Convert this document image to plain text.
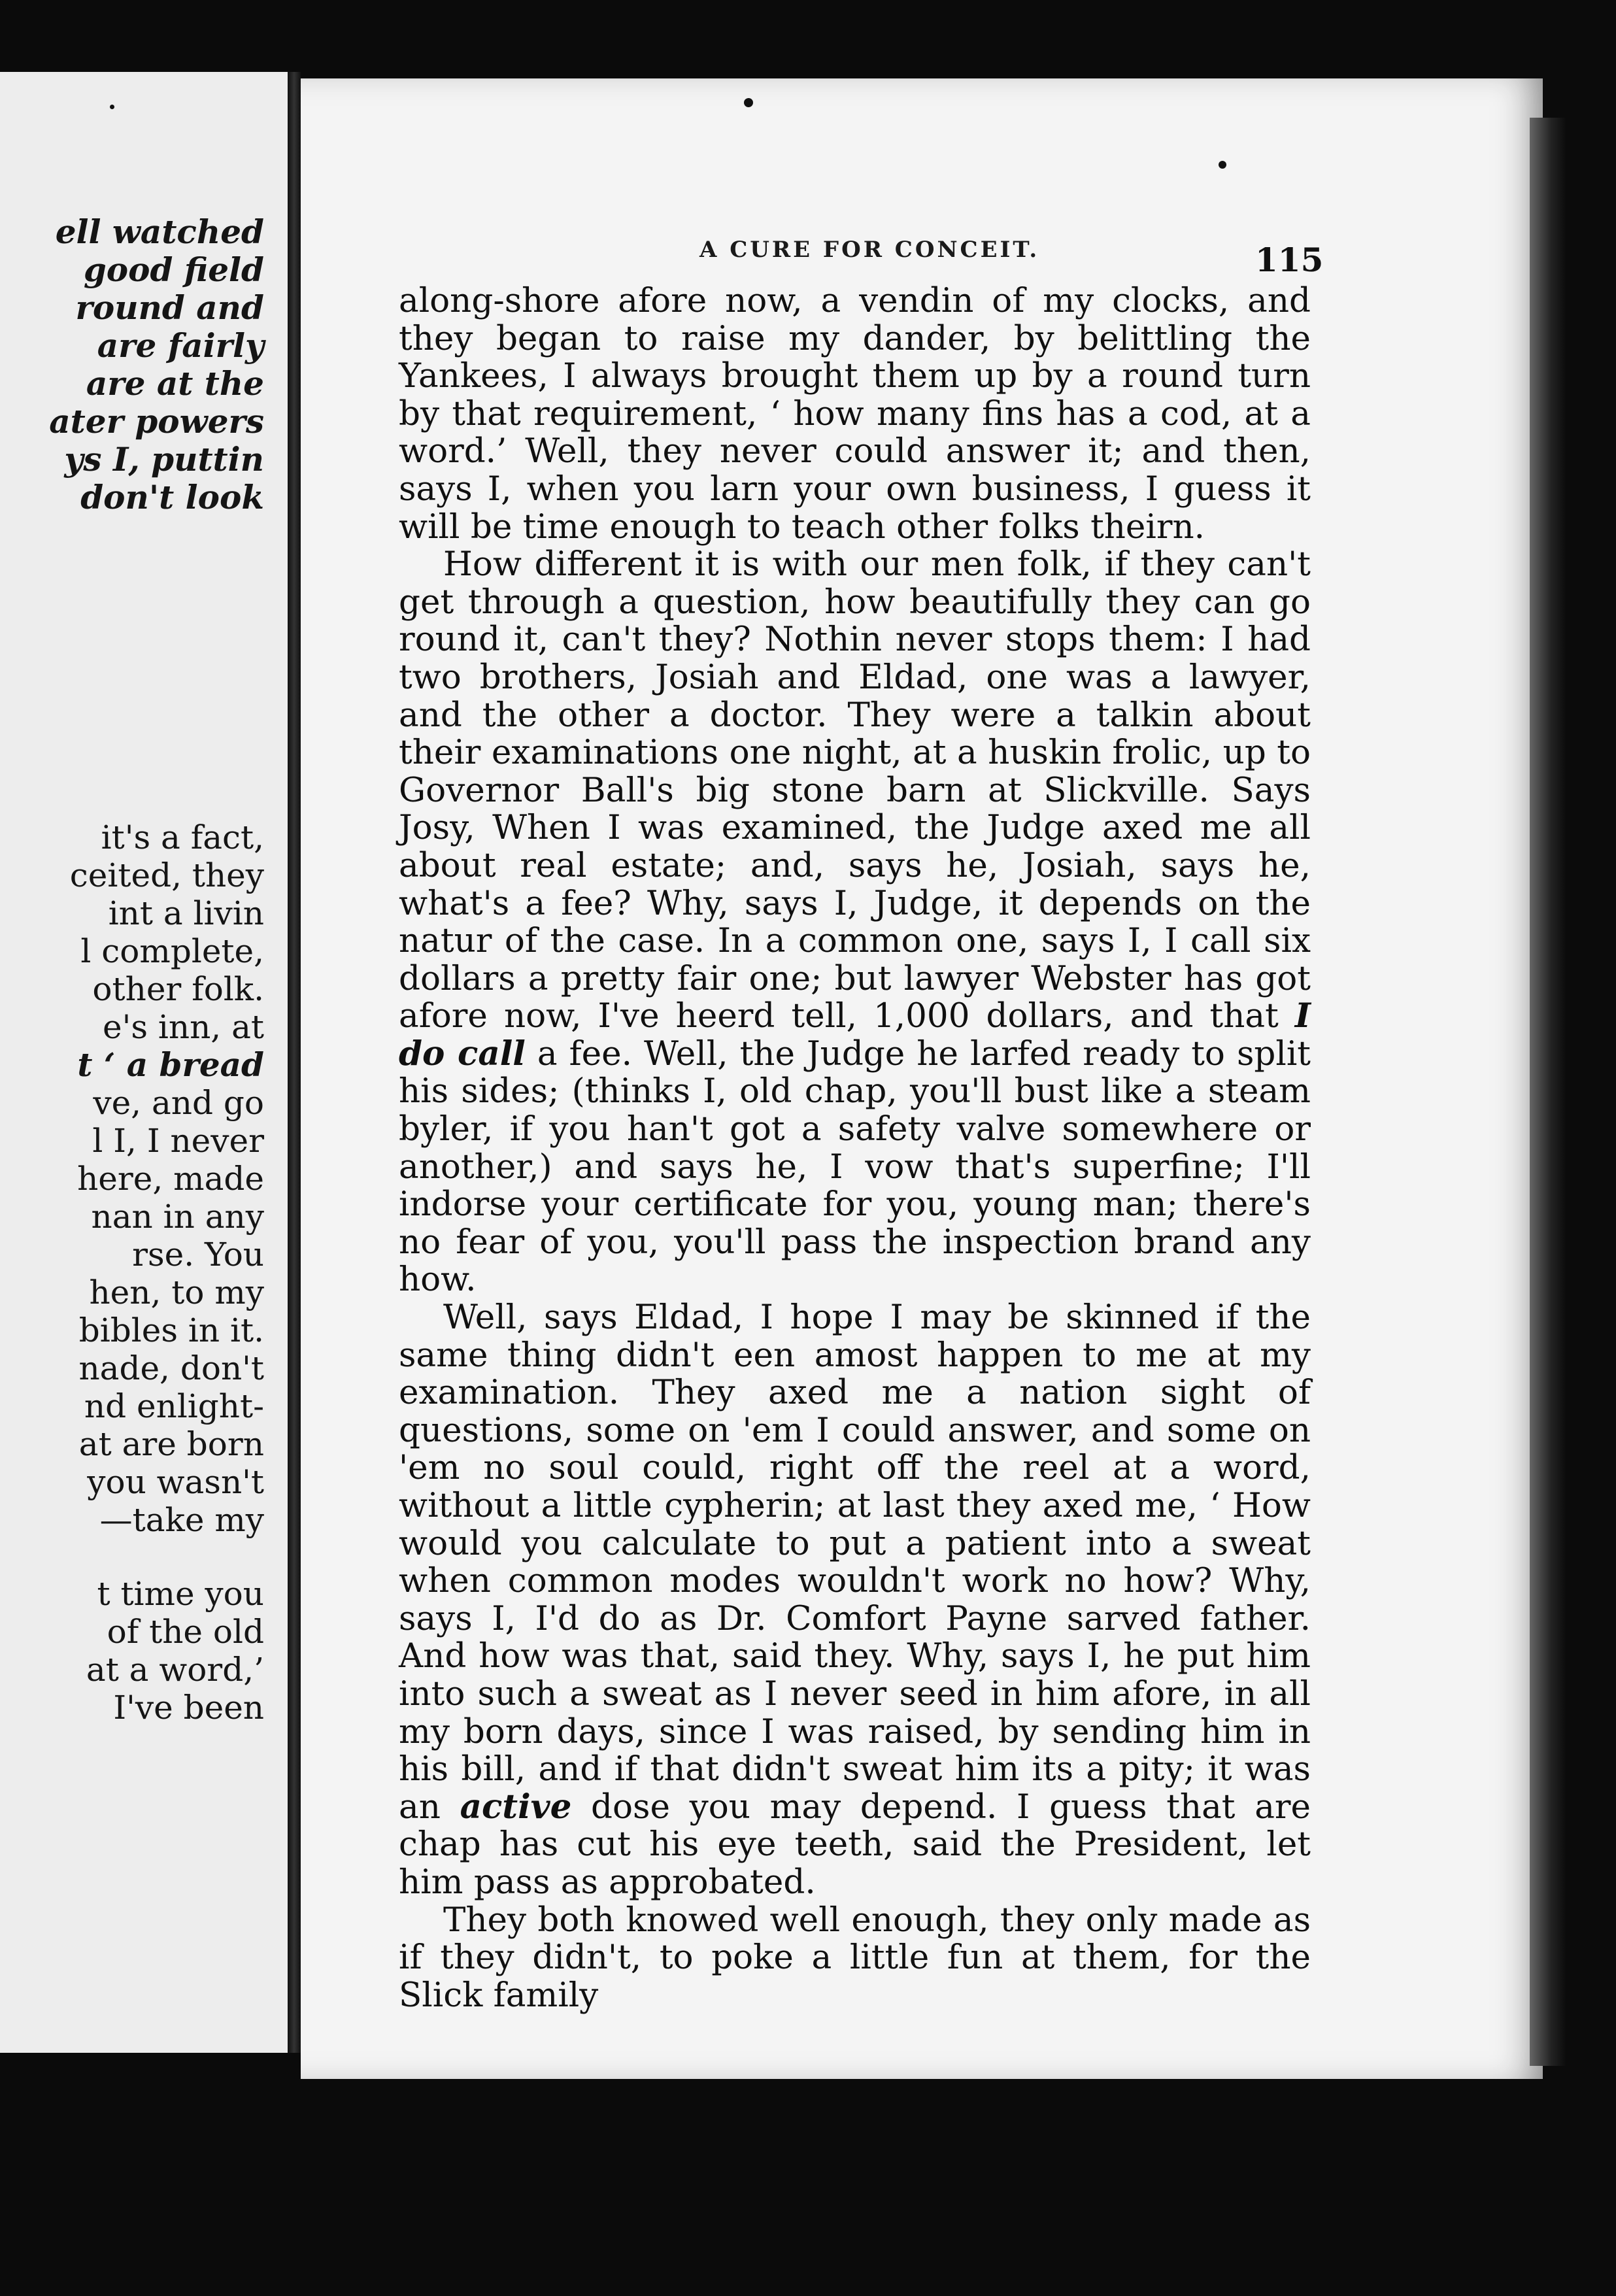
ell watched
good field
round and
are fairly
are at the
ater powers
ys I, puttin
don't look
it's a fact,
ceited, they
int a livin
l complete,
other folk.
e's inn, at
t ‘ a bread
ve, and go
l I, I never
here, made
nan in any
rse. You
hen, to my
bibles in it.
nade, don't
nd enlight-
at are born
you wasn't
—take my
t time you
of the old
at a word,’
I've been
A CURE FOR CONCEIT.	115

along-shore afore now, a vendin of my clocks, and they began to raise my dander, by belittling the Yankees, I always brought them up by a round turn by that requirement, ‘ how many fins has a cod, at a word.’ Well, they never could answer it; and then, says I, when you larn your own business, I guess it will be time enough to teach other folks theirn.

How different it is with our men folk, if they can't get through a question, how beautifully they can go round it, can't they? Nothin never stops them: I had two brothers, Josiah and Eldad, one was a lawyer, and the other a doctor. They were a talkin about their examinations one night, at a huskin frolic, up to Governor Ball's big stone barn at Slickville. Says Josy, When I was examined, the Judge axed me all about real estate; and, says he, Josiah, says he, what's a fee? Why, says I, Judge, it depends on the natur of the case. In a common one, says I, I call six dollars a pretty fair one; but lawyer Webster has got afore now, I've heerd tell, 1,000 dollars, and that I do call a fee. Well, the Judge he larfed ready to split his sides; (thinks I, old chap, you'll bust like a steam byler, if you han't got a safety valve somewhere or another,) and says he, I vow that's superfine; I'll indorse your certificate for you, young man; there's no fear of you, you'll pass the inspection brand any how.

Well, says Eldad, I hope I may be skinned if the same thing didn't een amost happen to me at my examination. They axed me a nation sight of questions, some on 'em I could answer, and some on 'em no soul could, right off the reel at a word, without a little cypherin; at last they axed me, ‘ How would you calculate to put a patient into a sweat when common modes wouldn't work no how? Why, says I, I'd do as Dr. Comfort Payne sarved father. And how was that, said they. Why, says I, he put him into such a sweat as I never seed in him afore, in all my born days, since I was raised, by sending him in his bill, and if that didn't sweat him its a pity; it was an active dose you may depend. I guess that are chap has cut his eye teeth, said the President, let him pass as approbated.

They both knowed well enough, they only made as if they didn't, to poke a little fun at them, for the Slick family
